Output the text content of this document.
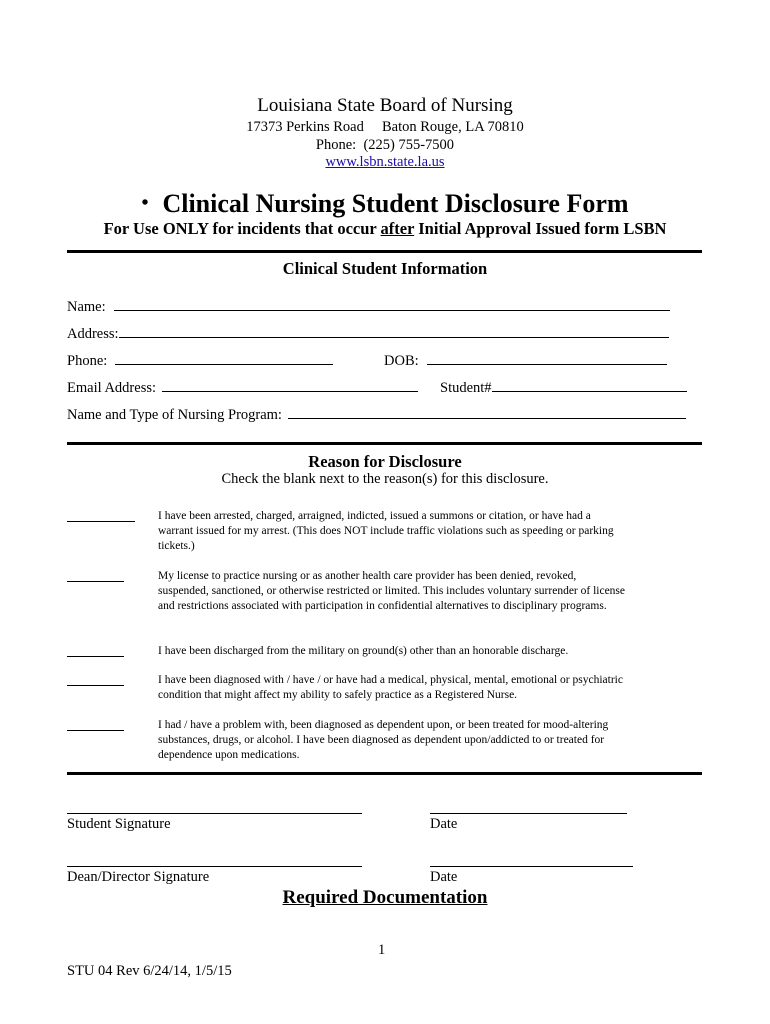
Louisiana State Board of Nursing
17373 Perkins Road     Baton Rouge, LA 70810
Phone:  (225) 755-7500
www.lsbn.state.la.us
• Clinical Nursing Student Disclosure Form
For Use ONLY for incidents that occur after Initial Approval Issued form LSBN
Clinical Student Information
Name:
Address:
Phone:	DOB:
Email Address:	Student#
Name and Type of Nursing Program:
Reason for Disclosure
Check the blank next to the reason(s) for this disclosure.
I have been arrested, charged, arraigned, indicted, issued a summons or citation, or have had a warrant issued for my arrest. (This does NOT include traffic violations such as speeding or parking tickets.)
My license to practice nursing or as another health care provider has been denied, revoked, suspended, sanctioned, or otherwise restricted or limited. This includes voluntary surrender of license and restrictions associated with participation in confidential alternatives to disciplinary programs.
I have been discharged from the military on ground(s) other than an honorable discharge.
I have been diagnosed with / have / or have had a medical, physical, mental, emotional or psychiatric condition that might affect my ability to safely practice as a Registered Nurse.
I had / have a problem with, been diagnosed as dependent upon, or been treated for mood-altering substances, drugs, or alcohol. I have been diagnosed as dependent upon/addicted to or treated for dependence upon medications.
Student Signature	Date
Dean/Director Signature	Date
Required Documentation
1
STU 04 Rev 6/24/14, 1/5/15
